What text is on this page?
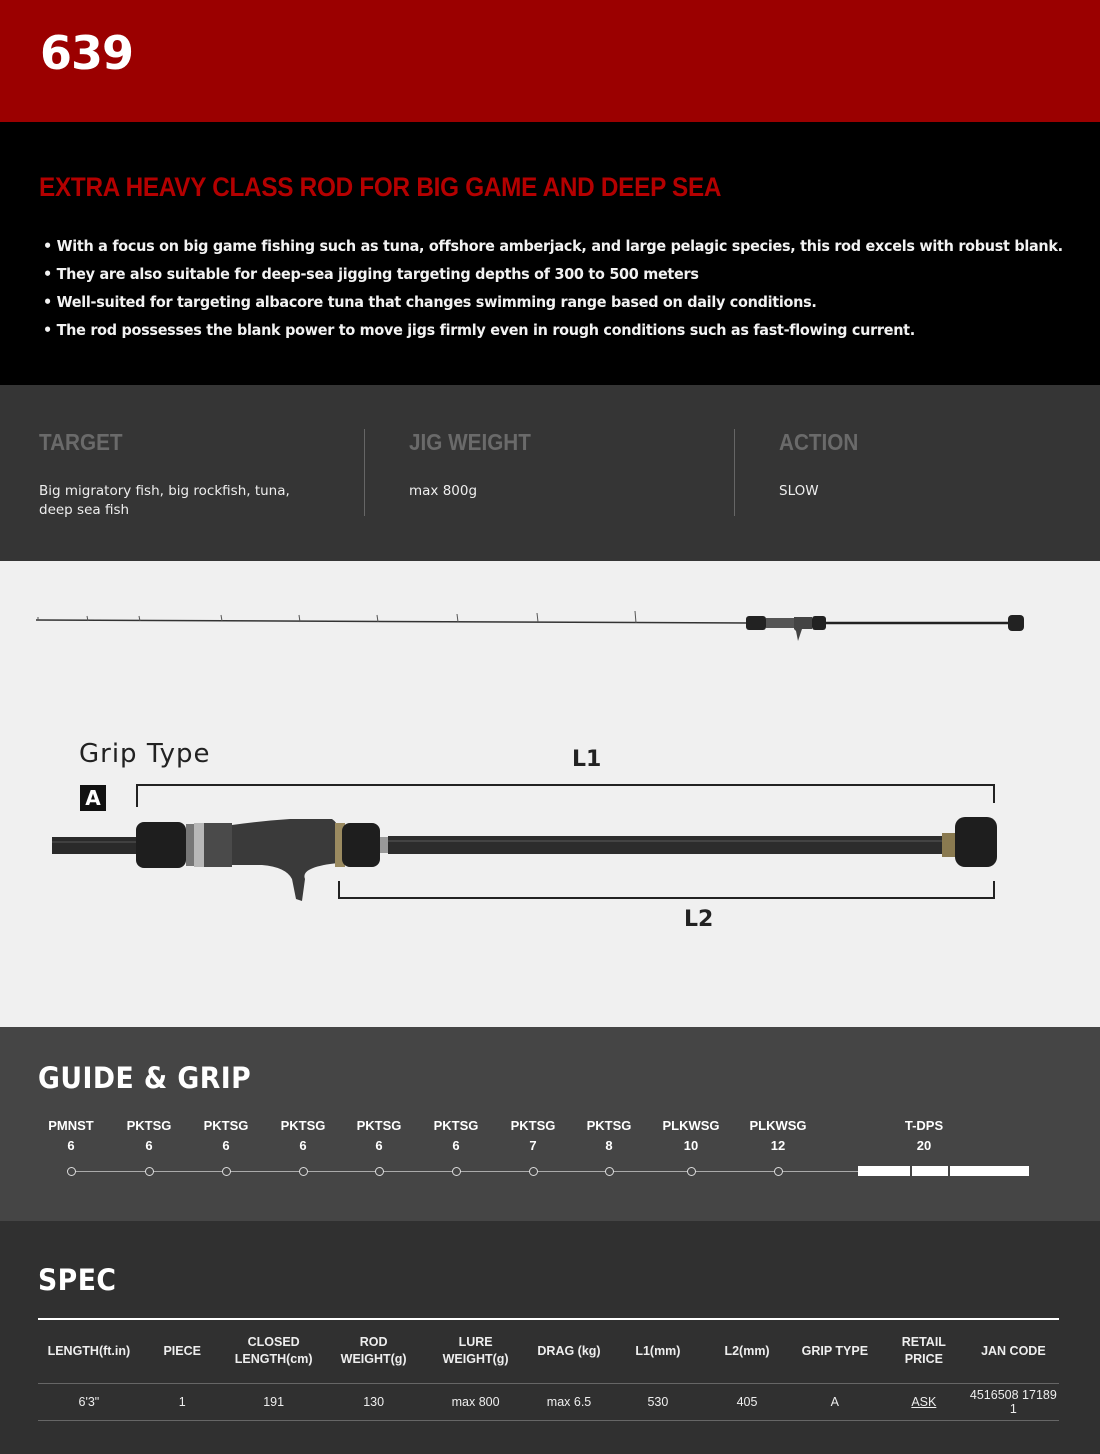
639
EXTRA HEAVY CLASS ROD FOR BIG GAME AND DEEP SEA
• With a focus on big game fishing such as tuna, offshore amberjack, and large pelagic species, this rod excels with robust blank.
• They are also suitable for deep-sea jigging targeting depths of 300 to 500 meters
• Well-suited for targeting albacore tuna that changes swimming range based on daily conditions.
• The rod possesses the blank power to move jigs firmly even in rough conditions such as fast-flowing current.
TARGET

Big migratory fish, big rockfish, tuna, deep sea fish

JIG WEIGHT

max 800g

ACTION

SLOW

Grip Type
A
L1
L2
GUIDE & GRIP
PMNST
6
PKTSG
6
PKTSG
6
PKTSG
6
PKTSG
6
PKTSG
6
PKTSG
7
PKTSG
8
PLKWSG
10
PLKWSG
12
T-DPS
20
SPEC
LENGTH(ft.in)	PIECE	CLOSED LENGTH(cm)	ROD WEIGHT(g)	LURE WEIGHT(g)	DRAG (kg)	L1(mm)	L2(mm)	GRIP TYPE	RETAIL PRICE	JAN CODE
6'3"	1	191	130	max 800	max 6.5	530	405	A	ASK	4516508 17189 1
